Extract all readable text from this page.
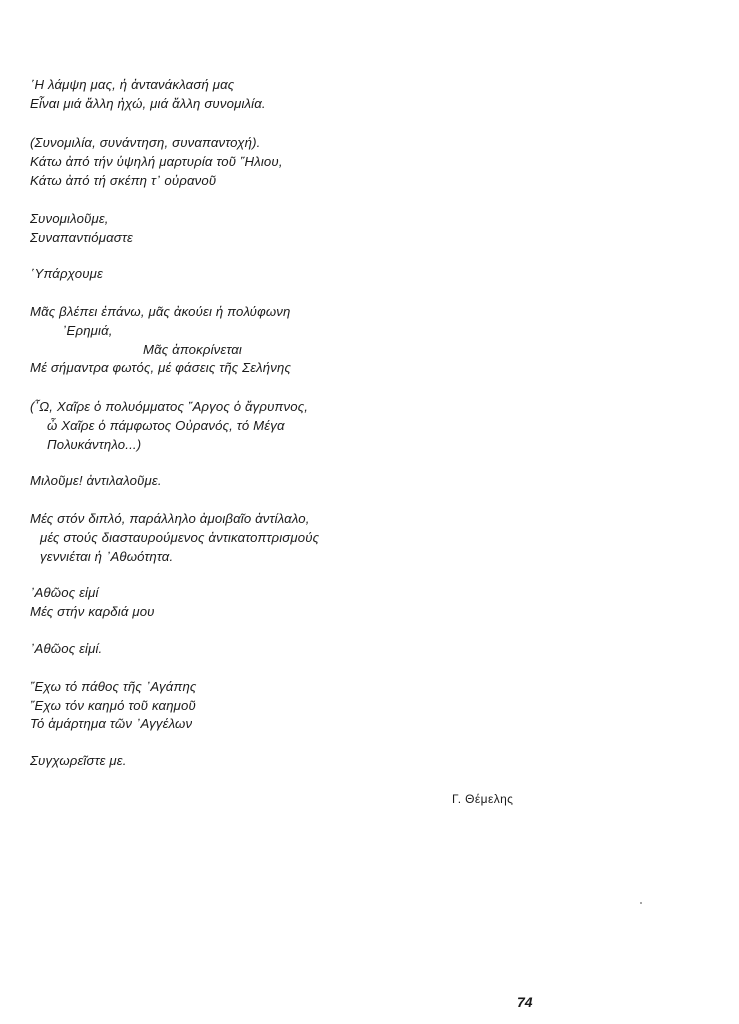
῾Η λάμψη μας, ἡ ἀντανάκλασή μας
Εἶναι μιά ἄλλη ἠχώ, μιά ἄλλη συνομιλία.
(Συνομιλία, συνάντηση, συναπαντοχή).
Κάτω ἀπό τήν ὑψηλή μαρτυρία τοῦ ῞Ηλιου,
Κάτω ἀπό τή σκέπη τ᾽ οὐρανοῦ
Συνομιλοῦμε,
Συναπαντιόμαστε
῾Υπάρχουμε
Μᾶς βλέπει ἐπάνω, μᾶς ἀκούει ἡ πολύφωνη
᾽Ερημιά,
Μᾶς ἀποκρίνεται
Μέ σήμαντρα φωτός, μέ φάσεις τῆς Σελήνης
(῏Ω, Χαῖρε ὁ πολυόμματος ῎Αργος ὁ ἄγρυπνος,
ὦ Χαῖρε ὁ πάμφωτος Οὐρανός, τό Μέγα
Πολυκάντηλο...)
Μιλοῦμε! ἀντιλαλοῦμε.
Μές στόν διπλό, παράλληλο ἀμοιβαῖο ἀντίλαλο,
μές στούς διασταυρούμενος ἀντικατοπτρισμούς
γεννιέται ἡ ᾽Αθωότητα.
᾽Αθῶος εἰμί
Μές στήν καρδιά μου
᾽Αθῶος εἰμί.
῎Εχω τό πάθος τῆς ᾽Αγάπης
῎Εχω τόν καημό τοῦ καημοῦ
Τό ἁμάρτημα τῶν ᾽Αγγέλων
Συγχωρεῖστε με.
Γ. Θέμελης
74
